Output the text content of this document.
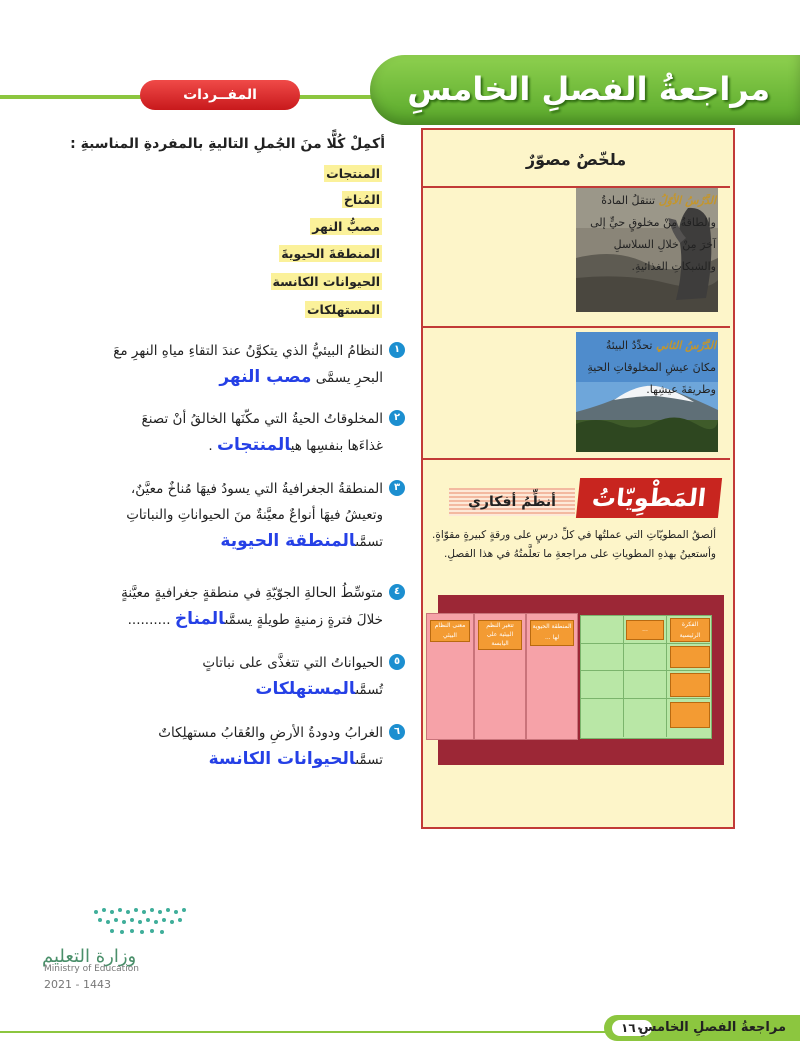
مراجعةُ الفصلِ الخامسِ
المفــردات
أكمِلْ كُلًّا منَ الجُملِ التاليةِ بالمفردةِ المناسبةِ :
المنتجات
المُناخ
مصبُّ النهر
المنطقةَ الحيويةَ
الحيوانات الكانسة
المستهلكات
١
النظامُ البيئيُّ الذي يتكوَّنُ عندَ التقاءِ مياهِ النهرِ معَ
البحرِ يسمَّى مصب النهر
٢
المخلوقاتُ الحيةُ التي مكّنَها الخالقُ أنْ تصنعَ
غذاءَها بنفسِها هيالمنتجات .
٣
المنطقةُ الجغرافيةُ التي يسودُ فيهَا مُناخٌ معيَّنٌ،
وتعيشُ فيهَا أنواعٌ معيَّنةٌ منَ الحيواناتِ والنباتاتِ
تسمَّىالمنطقة الحيوية
٤
متوسِّطُ الحالةِ الجوّيّةِ في منطقةٍ جغرافيةٍ معيَّنةٍ
خلالَ فترةٍ زمنيةٍ طويلةٍ يسمَّىالمناخ ..........
٥
الحيواناتُ التي تتغذَّى على نباتاتٍ
تُسمَّىالمستهلكات
٦
الغرابُ ودودةُ الأرضِ والعُقابُ مستهلِكاتٌ
تسمَّىالحيوانات الكانسة
ملخّصٌ مصوّرٌ
الدَّرْسُ الأوّلُ تنتقلُ المادةُ
والطاقةُ مِنْ مخلوقٍ حيٍّ إلى
آخرَ مِنْ خلالِ السلاسلِ
والشبكاتِ الغذائيةِ.
الدَّرْسُ الثاني تحدِّدُ البيئةُ
مكانَ عيشِ المخلوقاتِ الحيةِ
وطريقةَ عيشِها.
المَطْوِيّاتُ
أنظِّمُ أفكاري
ألصقُ المطويّاتِ التي عملتُها في كلِّ درسٍ على ورقةٍ كبيرةٍ مقوّاةٍ.
وأستعينُ بهذهِ المطوياتِ على مراجعةِ ما تعلَّمتُهُ في هذا الفصلِ.
معنى النظام البيئي
تتغير النظم البيئية على اليابسة
المنطقة الحيوية لها ...
الفكرة الرئيسية
...
وزارة التعليم
Ministry of Education
2021 - 1443
١٦٠
مراجعةُ الفصلِ الخامسِ
